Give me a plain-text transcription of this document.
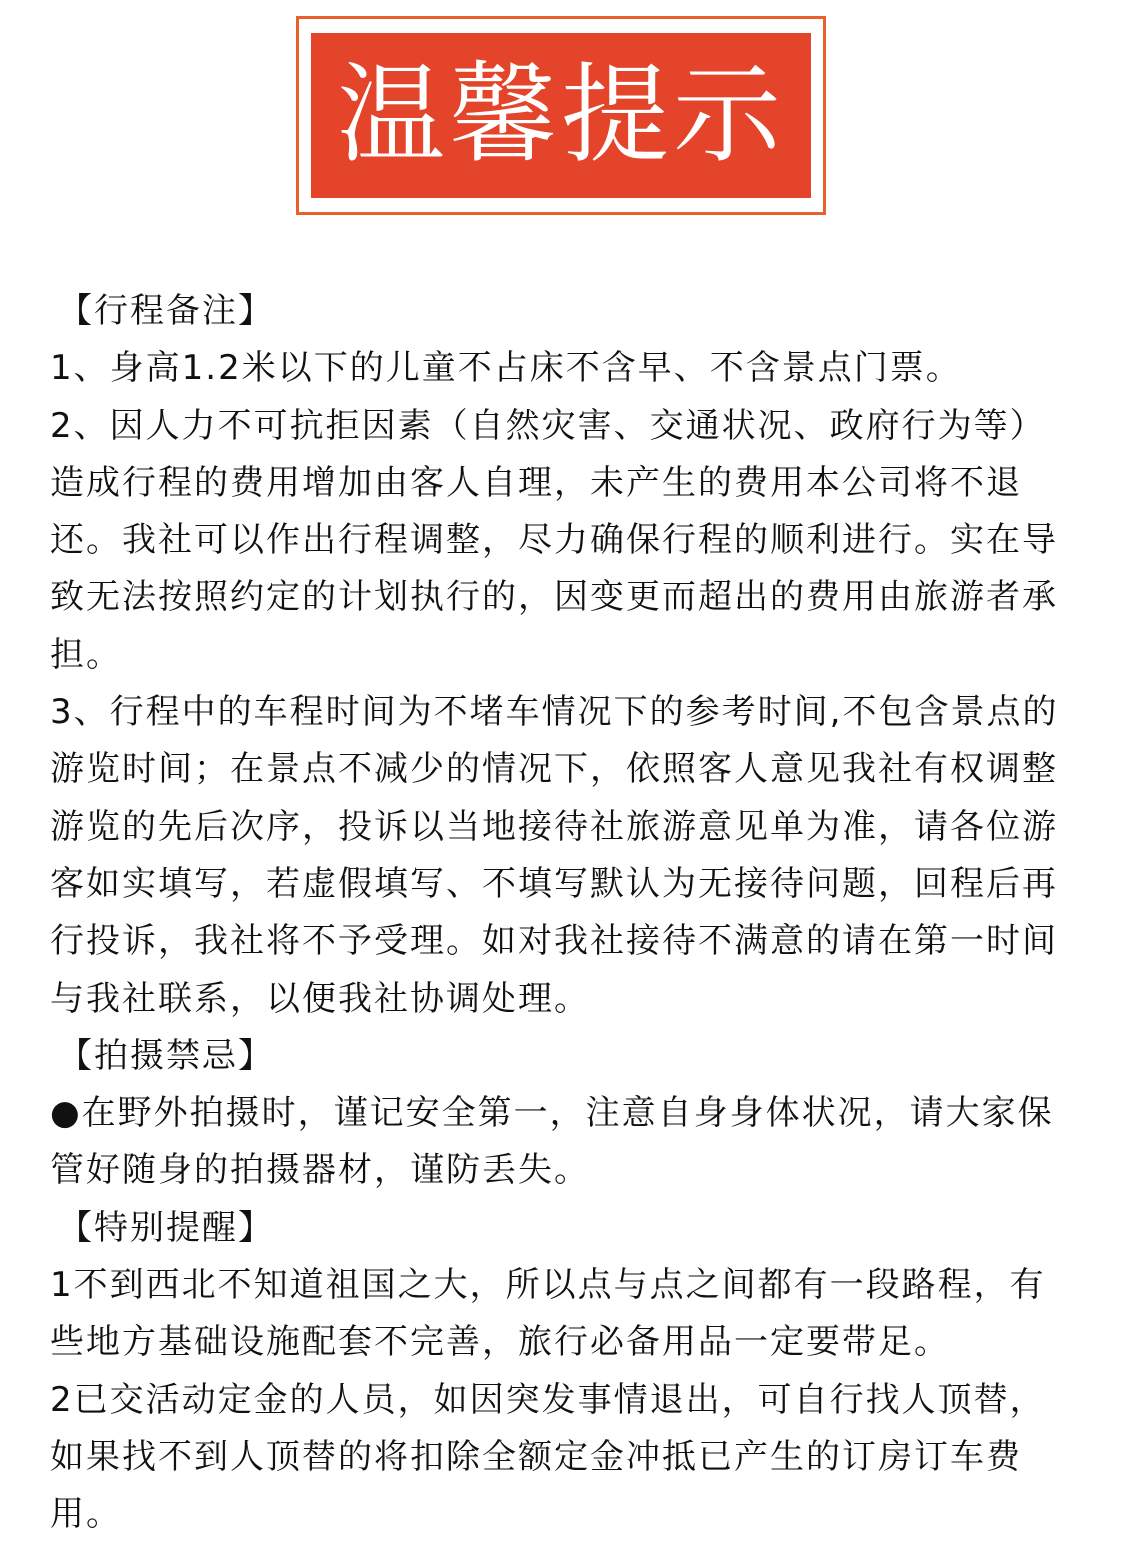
温馨提示

【行程备注】

1、身高1.2米以下的儿童不占床不含早、不含景点门票。

2、因人力不可抗拒因素（自然灾害、交通状况、政府行为等）造成行程的费用增加由客人自理，未产生的费用本公司将不退还。我社可以作出行程调整，尽力确保行程的顺利进行。实在导致无法按照约定的计划执行的，因变更而超出的费用由旅游者承担。

3、行程中的车程时间为不堵车情况下的参考时间,不包含景点的游览时间；在景点不减少的情况下，依照客人意见我社有权调整游览的先后次序，投诉以当地接待社旅游意见单为准，请各位游客如实填写，若虚假填写、不填写默认为无接待问题，回程后再行投诉，我社将不予受理。如对我社接待不满意的请在第一时间与我社联系，以便我社协调处理。

【拍摄禁忌】

●在野外拍摄时，谨记安全第一，注意自身身体状况，请大家保管好随身的拍摄器材，谨防丢失。

【特别提醒】

1不到西北不知道祖国之大，所以点与点之间都有一段路程，有些地方基础设施配套不完善，旅行必备用品一定要带足。

2已交活动定金的人员，如因突发事情退出，可自行找人顶替，如果找不到人顶替的将扣除全额定金冲抵已产生的订房订车费用。
